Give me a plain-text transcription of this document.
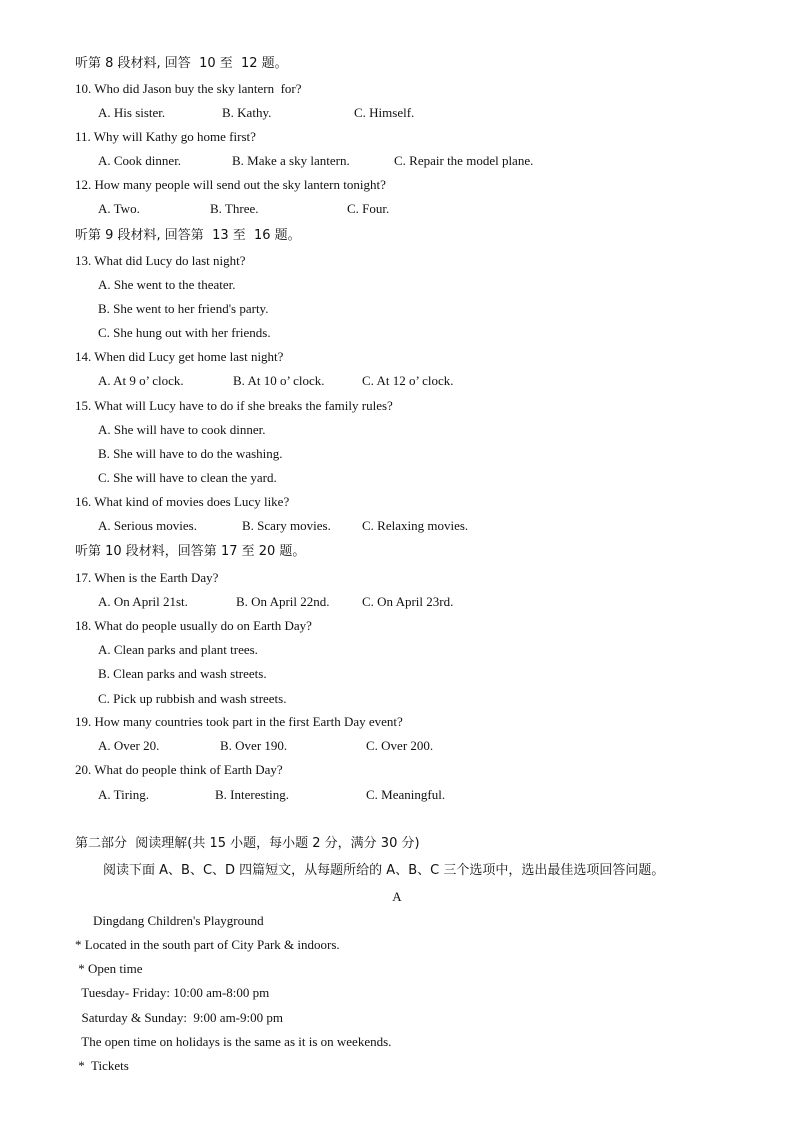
听第 8 段材料, 回答  10 至  12 题。
10. Who did Jason buy the sky lantern  for?
A. His sister.	B. Kathy.	C. Himself.
11. Why will Kathy go home first?
A. Cook dinner.	B. Make a sky lantern.	C. Repair the model plane.
12. How many people will send out the sky lantern tonight?
A. Two.	B. Three.	C. Four.
听第 9 段材料, 回答第  13 至  16 题。
13. What did Lucy do last night?
A. She went to the theater.
B. She went to her friend's party.
C. She hung out with her friends.
14. When did Lucy get home last night?
A. At 9 o’ clock.	B. At 10 o’ clock.	C. At 12 o’ clock.
15. What will Lucy have to do if she breaks the family rules?
A. She will have to cook dinner.
B. She will have to do the washing.
C. She will have to clean the yard.
16. What kind of movies does Lucy like?
A. Serious movies.	B. Scary movies. C. Relaxing movies.
听第 10 段材料，回答第 17 至 20 题。
17. When is the Earth Day?
A. On April 21st.	B. On April 22nd. C. On April 23rd.
18. What do people usually do on Earth Day?
A. Clean parks and plant trees.
B. Clean parks and wash streets.
C. Pick up rubbish and wash streets.
19. How many countries took part in the first Earth Day event?
A. Over 20.	B. Over 190.	C. Over 200.
20. What do people think of Earth Day?
A. Tiring.	B. Interesting.	C. Meaningful.
第二部分  阅读理解(共 15 小题，每小题 2 分，满分 30 分)
阅读下面 A、B、C、D 四篇短文，从每题所给的 A、B、C 三个选项中，选出最佳选项回答问题。
A
Dingdang Children's Playground
* Located in the south part of City Park & indoors.
* Open time
Tuesday- Friday: 10:00 am-8:00 pm
Saturday & Sunday:  9:00 am-9:00 pm
The open time on holidays is the same as it is on weekends.
*  Tickets
